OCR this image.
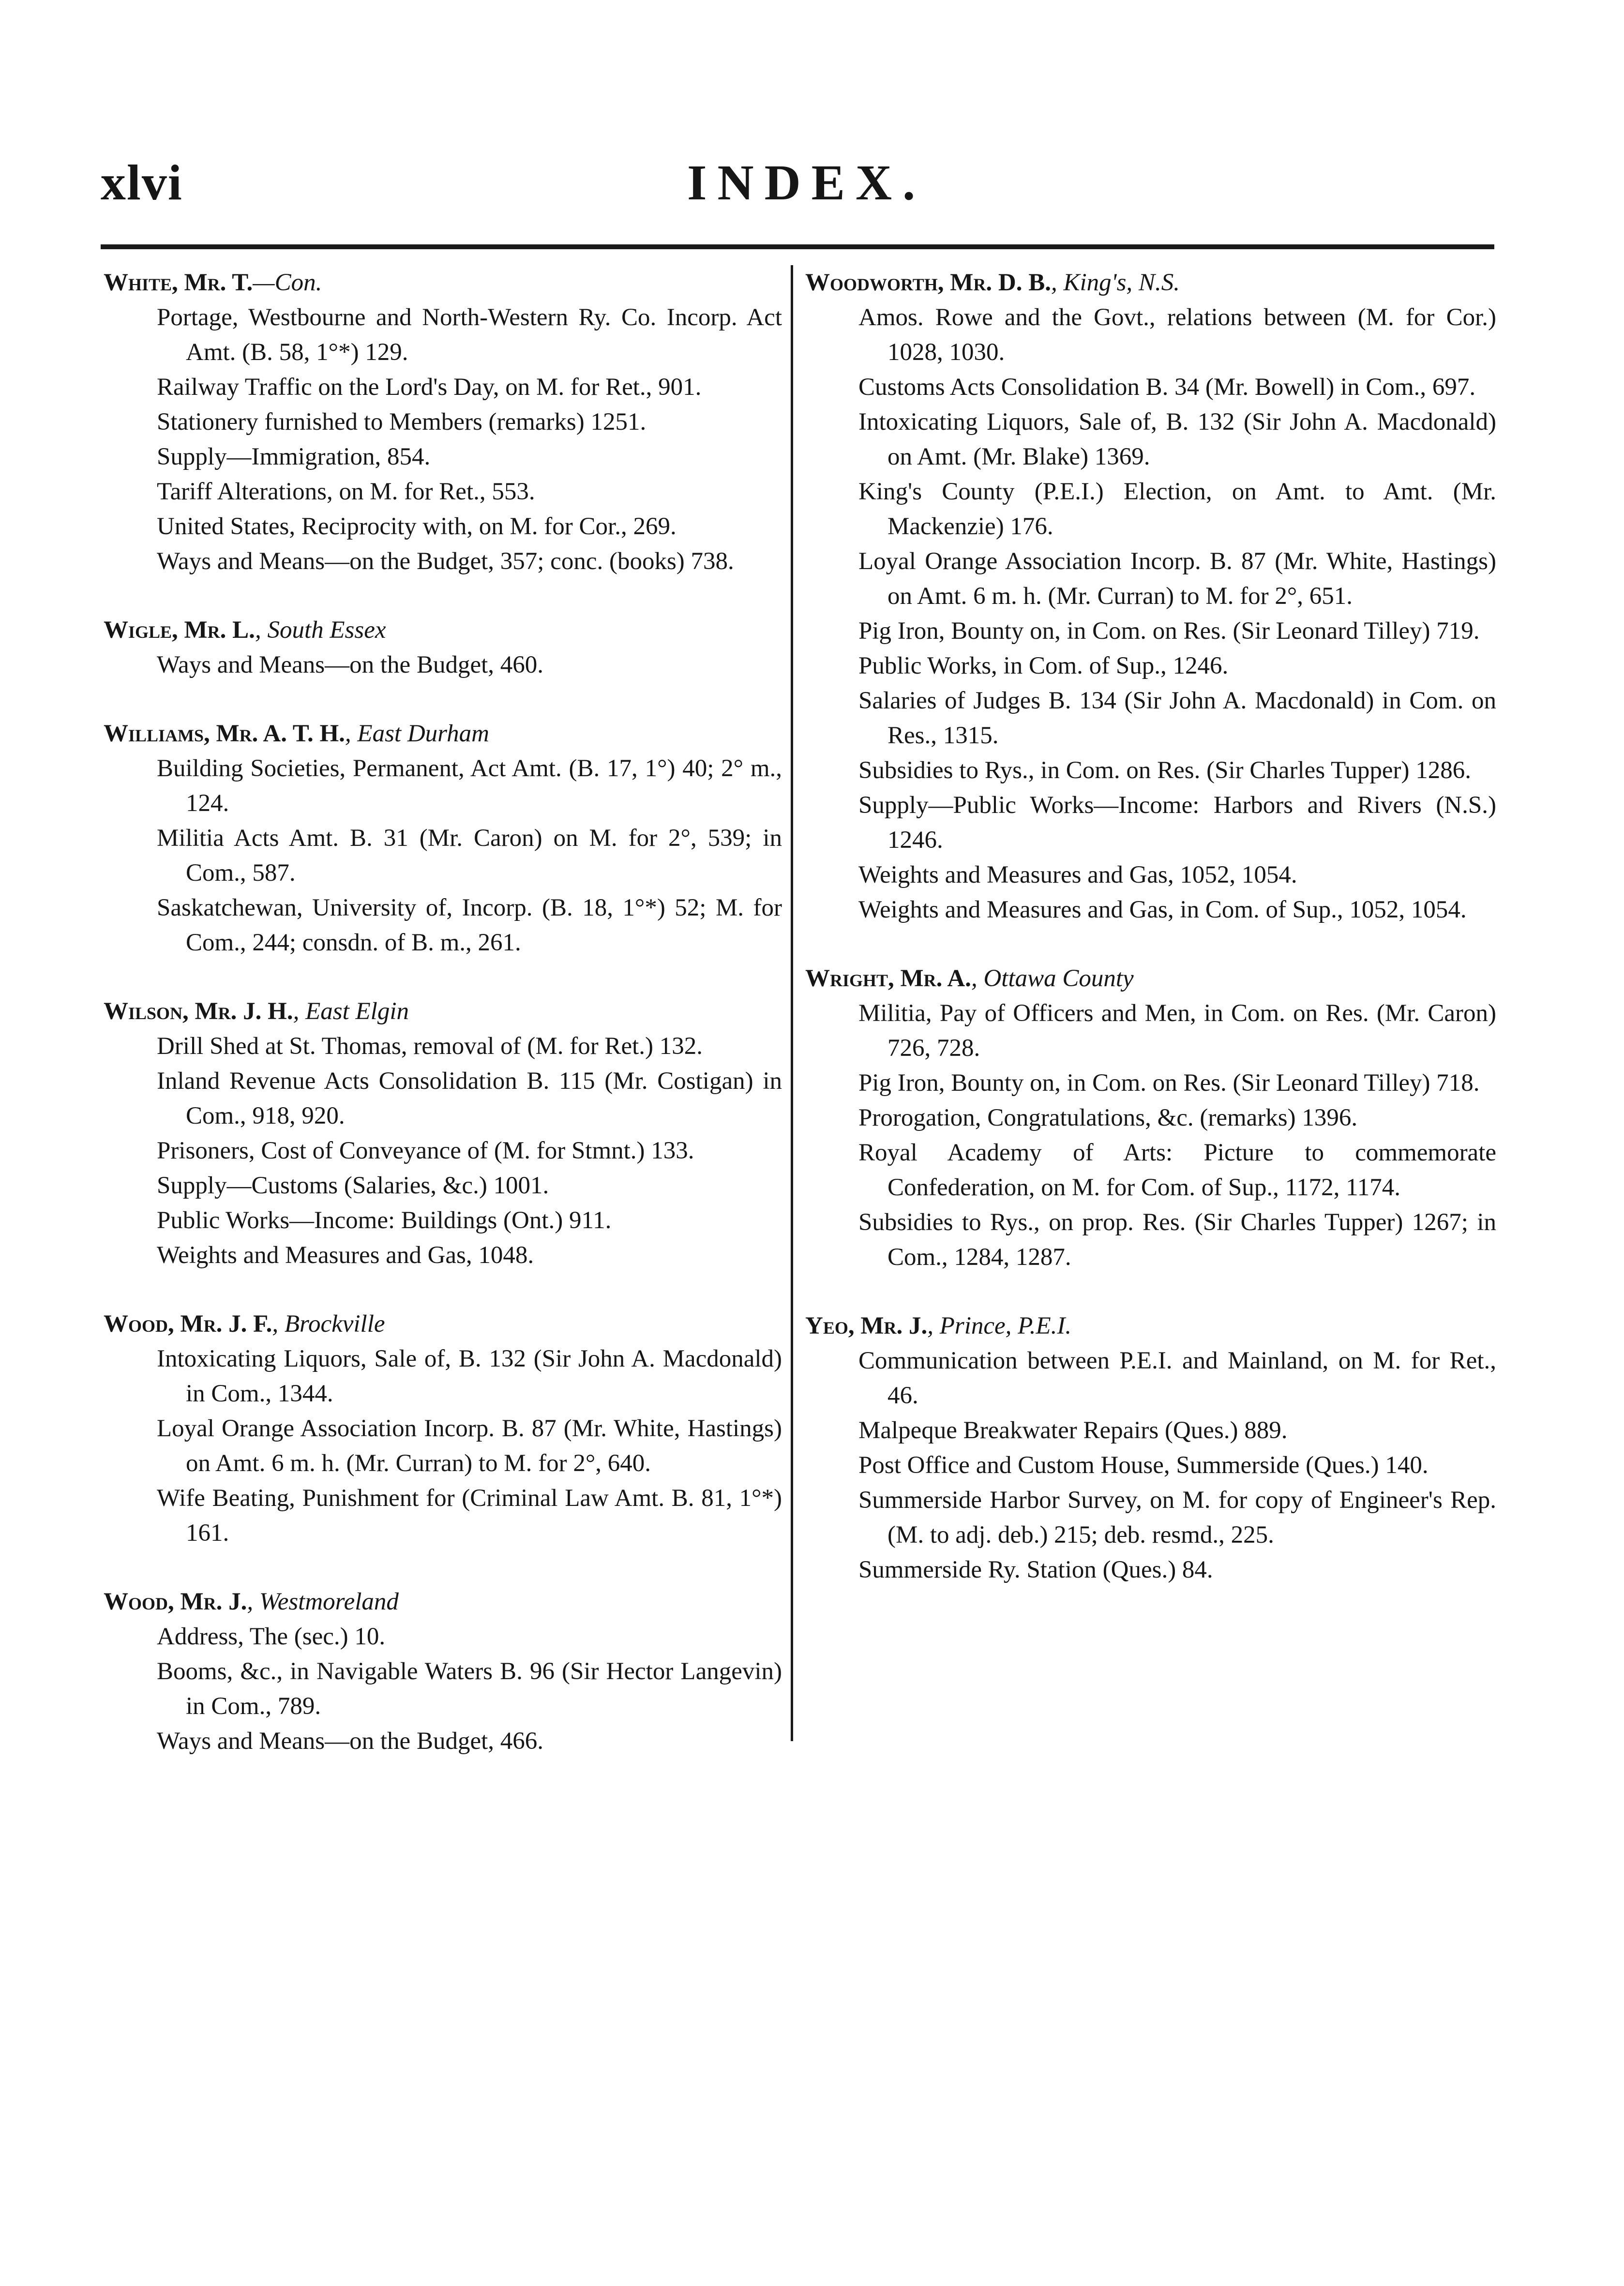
xlvi	INDEX.
White, Mr. T.—Con.
Portage, Westbourne and North-Western Ry. Co. Incorp. Act Amt. (B. 58, 1°*) 129.
Railway Traffic on the Lord's Day, on M. for Ret., 901.
Stationery furnished to Members (remarks) 1251.
Supply—Immigration, 854.
Tariff Alterations, on M. for Ret., 553.
United States, Reciprocity with, on M. for Cor., 269.
Ways and Means—on the Budget, 357; conc. (books) 738.
Wigle, Mr. L., South Essex
Ways and Means—on the Budget, 460.
Williams, Mr. A. T. H., East Durham
Building Societies, Permanent, Act Amt. (B. 17, 1°) 40; 2° m., 124.
Militia Acts Amt. B. 31 (Mr. Caron) on M. for 2°, 539; in Com., 587.
Saskatchewan, University of, Incorp. (B. 18, 1°*) 52; M. for Com., 244; consdn. of B. m., 261.
Wilson, Mr. J. H., East Elgin
Drill Shed at St. Thomas, removal of (M. for Ret.) 132.
Inland Revenue Acts Consolidation B. 115 (Mr. Costigan) in Com., 918, 920.
Prisoners, Cost of Conveyance of (M. for Stmnt.) 133.
Supply—Customs (Salaries, &c.) 1001.
Public Works—Income: Buildings (Ont.) 911.
Weights and Measures and Gas, 1048.
Wood, Mr. J. F., Brockville
Intoxicating Liquors, Sale of, B. 132 (Sir John A. Macdonald) in Com., 1344.
Loyal Orange Association Incorp. B. 87 (Mr. White, Hastings) on Amt. 6 m. h. (Mr. Curran) to M. for 2°, 640.
Wife Beating, Punishment for (Criminal Law Amt. B. 81, 1°*) 161.
Wood, Mr. J., Westmoreland
Address, The (sec.) 10.
Booms, &c., in Navigable Waters B. 96 (Sir Hector Langevin) in Com., 789.
Ways and Means—on the Budget, 466.
Woodworth, Mr. D. B., King's, N.S.
Amos. Rowe and the Govt., relations between (M. for Cor.) 1028, 1030.
Customs Acts Consolidation B. 34 (Mr. Bowell) in Com., 697.
Intoxicating Liquors, Sale of, B. 132 (Sir John A. Macdonald) on Amt. (Mr. Blake) 1369.
King's County (P.E.I.) Election, on Amt. to Amt. (Mr. Mackenzie) 176.
Loyal Orange Association Incorp. B. 87 (Mr. White, Hastings) on Amt. 6 m. h. (Mr. Curran) to M. for 2°, 651.
Pig Iron, Bounty on, in Com. on Res. (Sir Leonard Tilley) 719.
Public Works, in Com. of Sup., 1246.
Salaries of Judges B. 134 (Sir John A. Macdonald) in Com. on Res., 1315.
Subsidies to Rys., in Com. on Res. (Sir Charles Tupper) 1286.
Supply—Public Works—Income: Harbors and Rivers (N.S.) 1246.
Weights and Measures and Gas, 1052, 1054.
Weights and Measures and Gas, in Com. of Sup., 1052, 1054.
Wright, Mr. A., Ottawa County
Militia, Pay of Officers and Men, in Com. on Res. (Mr. Caron) 726, 728.
Pig Iron, Bounty on, in Com. on Res. (Sir Leonard Tilley) 718.
Prorogation, Congratulations, &c. (remarks) 1396.
Royal Academy of Arts: Picture to commemorate Confederation, on M. for Com. of Sup., 1172, 1174.
Subsidies to Rys., on prop. Res. (Sir Charles Tupper) 1267; in Com., 1284, 1287.
Yeo, Mr. J., Prince, P.E.I.
Communication between P.E.I. and Mainland, on M. for Ret., 46.
Malpeque Breakwater Repairs (Ques.) 889.
Post Office and Custom House, Summerside (Ques.) 140.
Summerside Harbor Survey, on M. for copy of Engineer's Rep. (M. to adj. deb.) 215; deb. resmd., 225.
Summerside Ry. Station (Ques.) 84.
